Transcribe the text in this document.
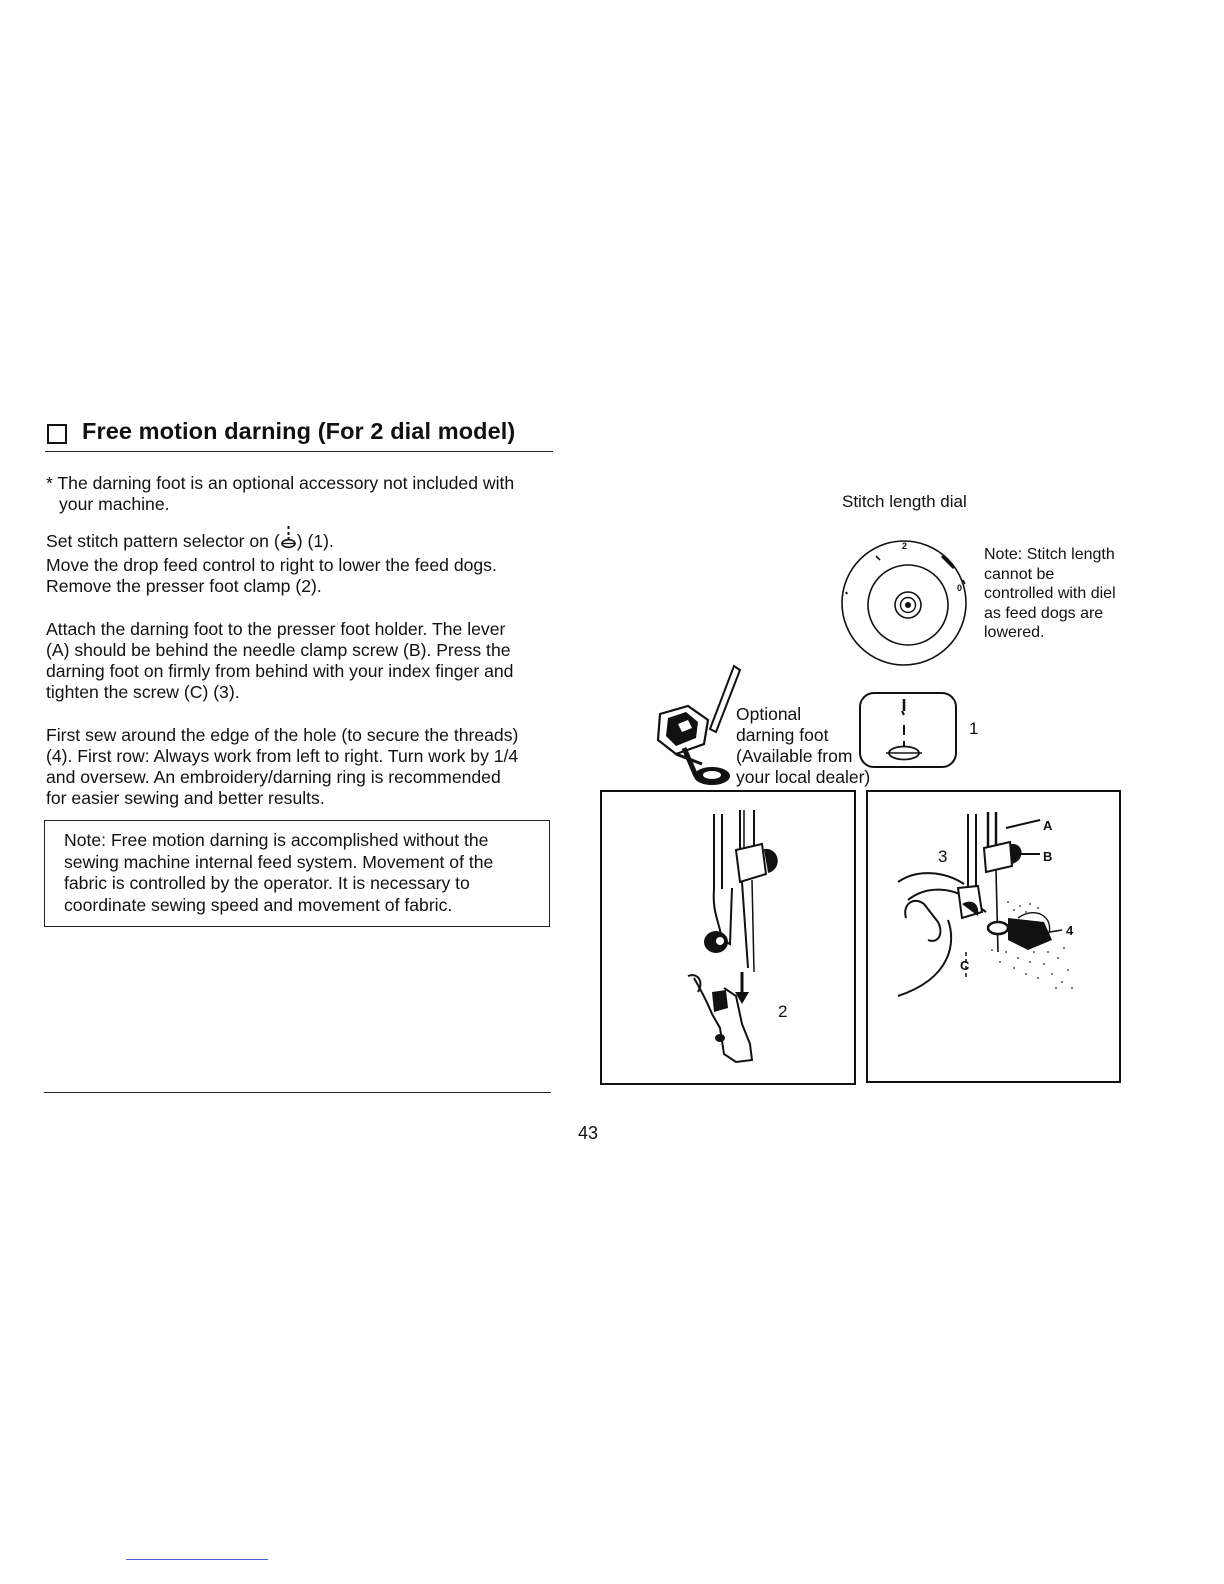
Free motion darning (For 2 dial model)
* The darning foot is an optional accessory not included with
your machine.
Set stitch pattern selector on ( ) (1).
Move the drop feed control to right to lower the feed dogs.
Remove the presser foot clamp (2).
Attach the darning foot to the presser foot holder. The lever
(A) should be behind the needle clamp screw (B). Press the
darning foot on firmly from behind with your index finger and
tighten the screw (C) (3).
First sew around the edge of the hole (to secure the threads)
(4). First row: Always work from left to right. Turn work by 1/4
and oversew. An embroidery/darning ring is recommended
for easier sewing and better results.

Note: Free motion darning is accomplished without the
sewing machine internal feed system. Movement of the
fabric is controlled by the operator. It is necessary to
coordinate sewing speed and movement of fabric.

Stitch length dial
2
0
Note: Stitch length
cannot be
controlled with diel
as feed dogs are
lowered.
Optional
darning foot
(Available from
your local dealer)
1
2
3
A
B
C
4
43
